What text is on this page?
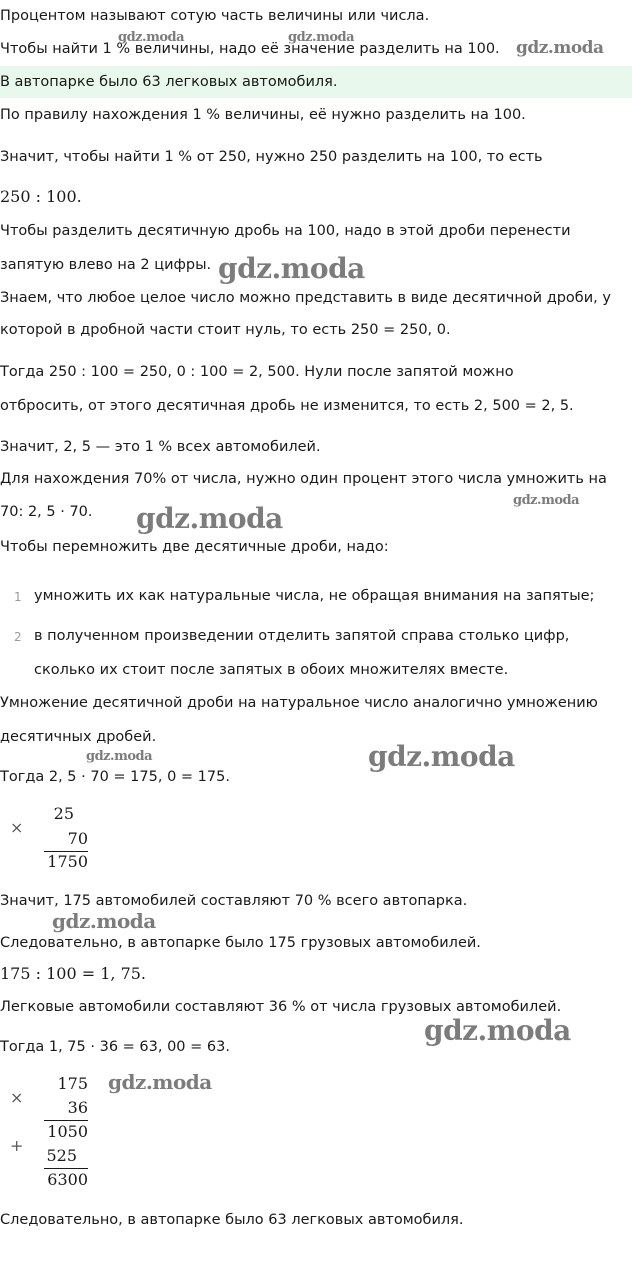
Процентом называют сотую часть величины или числа.
Чтобы найти 1 % величины, надо её значение разделить на 100.
В автопарке было 63 легковых автомобиля.
По правилу нахождения 1 % величины, её нужно разделить на 100.
Значит, чтобы найти 1 % от 250, нужно 250 разделить на 100, то есть
250 : 100.
Чтобы разделить десятичную дробь на 100, надо в этой дроби перенести
запятую влево на 2 цифры.
Знаем, что любое целое число можно представить в виде десятичной дроби, у
которой в дробной части стоит нуль, то есть 250 = 250, 0.
Тогда 250 : 100 = 250, 0 : 100 = 2, 500. Нули после запятой можно
отбросить, от этого десятичная дробь не изменится, то есть 2, 500 = 2, 5.
Значит, 2, 5 — это 1 % всех автомобилей.
Для нахождения 70% от числа, нужно один процент этого числа умножить на
70: 2, 5 · 70.
Чтобы перемножить две десятичные дроби, надо:
1 умножить их как натуральные числа, не обращая внимания на запятые;
2 в полученном произведении отделить запятой справа столько цифр,
сколько их стоит после запятых в обоих множителях вместе.
Умножение десятичной дроби на натуральное число аналогично умножению
десятичных дробей.
Тогда 2, 5 · 70 = 175, 0 = 175.
×
25
70
1750
Значит, 175 автомобилей составляют 70 % всего автопарка.
Следовательно, в автопарке было 175 грузовых автомобилей.
175 : 100 = 1, 75.
Легковые автомобили составляют 36 % от числа грузовых автомобилей.
Тогда 1, 75 · 36 = 63, 00 = 63.
×
+
175
36
1050
525
6300
Следовательно, в автопарке было 63 легковых автомобиля.
gdz.moda	gdz.moda
gdz.moda
gdz.moda
gdz.moda
gdz.moda
gdz.moda	gdz.moda
gdz.moda
gdz.moda
gdz.moda
